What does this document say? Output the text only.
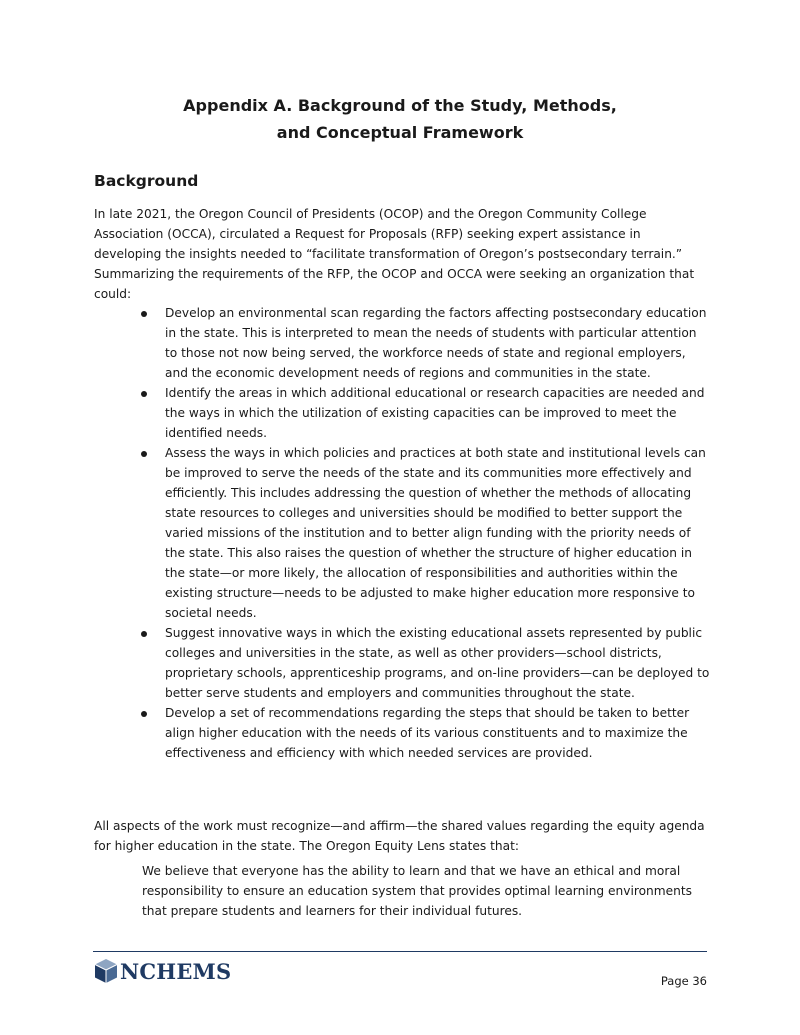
Appendix A. Background of the Study, Methods,
and Conceptual Framework
Background

In late 2021, the Oregon Council of Presidents (OCOP) and the Oregon Community College Association (OCCA), circulated a Request for Proposals (RFP) seeking expert assistance in developing the insights needed to “facilitate transformation of Oregon’s postsecondary terrain.” Summarizing the requirements of the RFP, the OCOP and OCCA were seeking an organization that could:

Develop an environmental scan regarding the factors affecting postsecondary education in the state. This is interpreted to mean the needs of students with particular attention to those not now being served, the workforce needs of state and regional employers, and the economic development needs of regions and communities in the state.
Identify the areas in which additional educational or research capacities are needed and the ways in which the utilization of existing capacities can be improved to meet the identified needs.
Assess the ways in which policies and practices at both state and institutional levels can be improved to serve the needs of the state and its communities more effectively and efficiently. This includes addressing the question of whether the methods of allocating state resources to colleges and universities should be modified to better support the varied missions of the institution and to better align funding with the priority needs of the state. This also raises the question of whether the structure of higher education in the state—or more likely, the allocation of responsibilities and authorities within the existing structure—needs to be adjusted to make higher education more responsive to societal needs.
Suggest innovative ways in which the existing educational assets represented by public colleges and universities in the state, as well as other providers—school districts, proprietary schools, apprenticeship programs, and on-line providers—can be deployed to better serve students and employers and communities throughout the state.
Develop a set of recommendations regarding the steps that should be taken to better align higher education with the needs of its various constituents and to maximize the effectiveness and efficiency with which needed services are provided.

All aspects of the work must recognize—and affirm—the shared values regarding the equity agenda for higher education in the state. The Oregon Equity Lens states that:

We believe that everyone has the ability to learn and that we have an ethical and moral responsibility to ensure an education system that provides optimal learning environments that prepare students and learners for their individual futures.
NCHEMS	Page 36
